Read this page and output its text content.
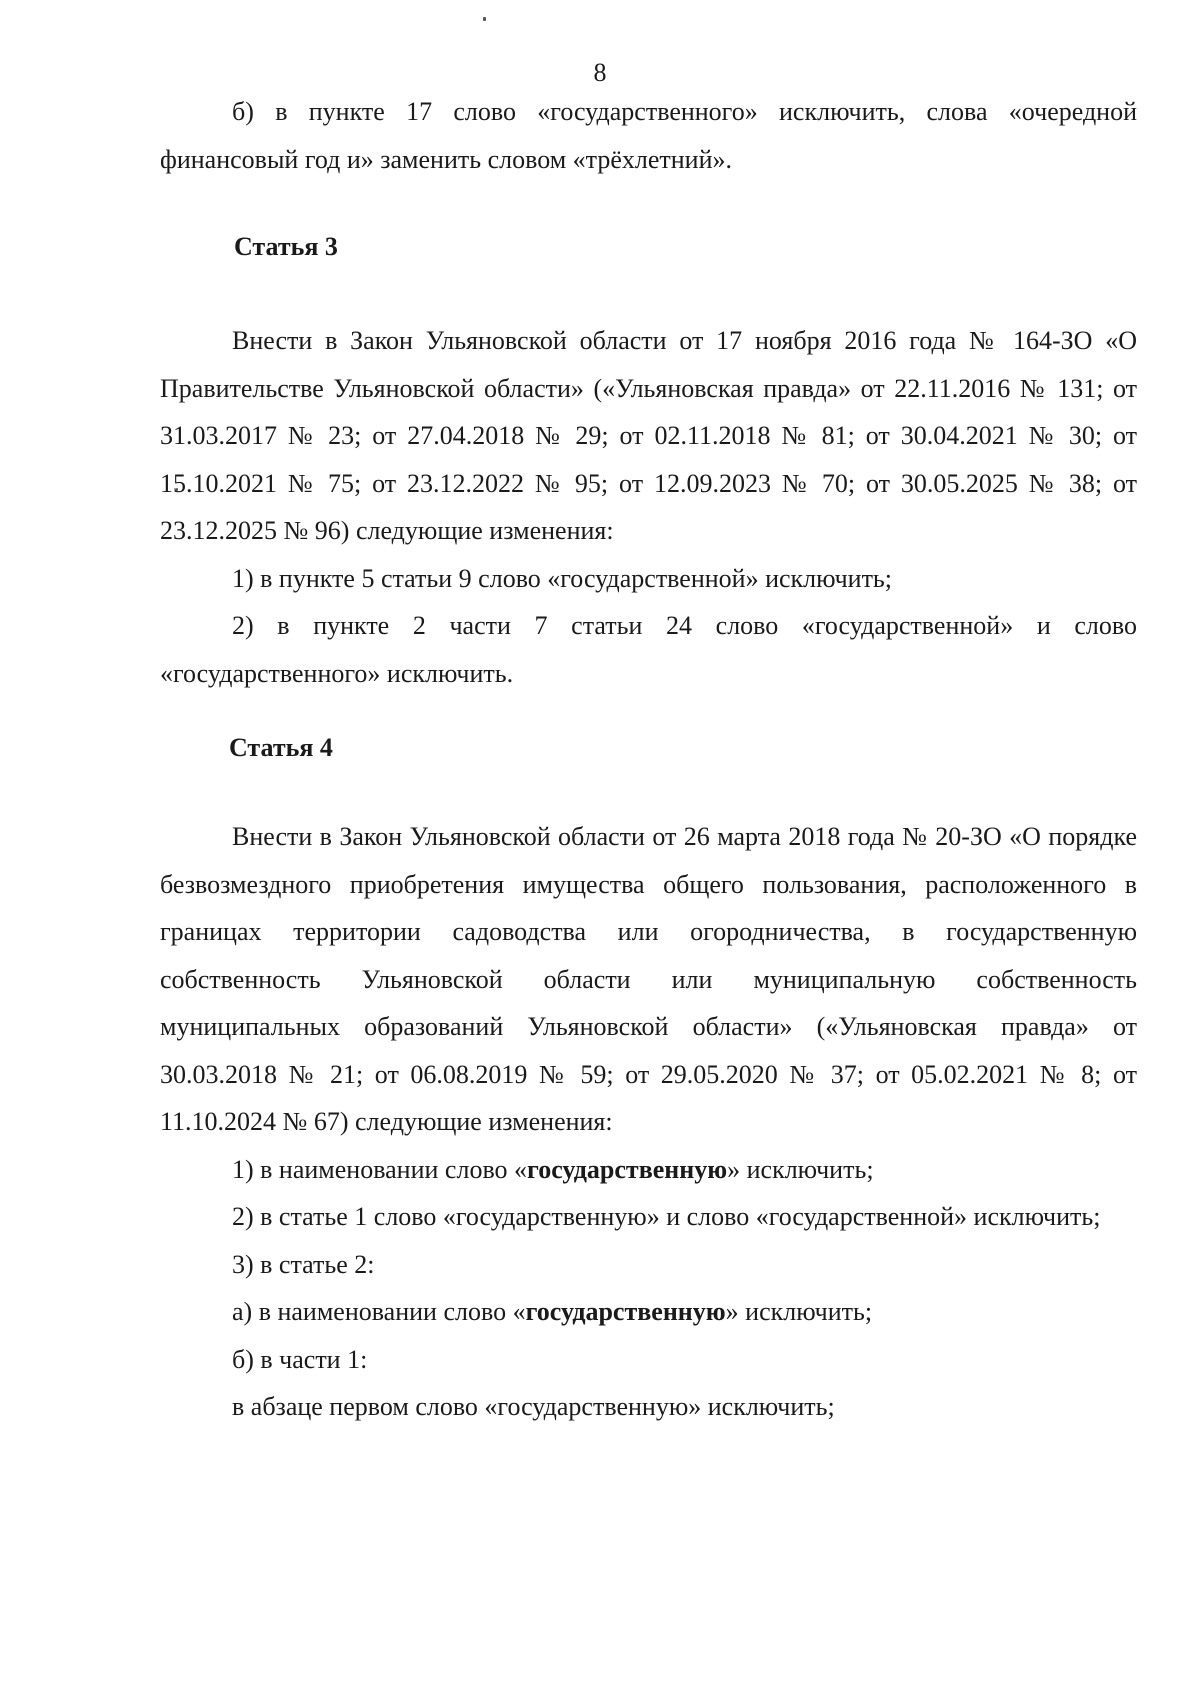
8

б) в пункте 17 слово «государственного» исключить, слова «очередной финансовый год и» заменить словом «трёхлетний».

Статья 3

Внести в Закон Ульяновской области от 17 ноября 2016 года № 164-ЗО «О Правительстве Ульяновской области» («Ульяновская правда» от 22.11.2016 № 131; от 31.03.2017 № 23; от 27.04.2018 № 29; от 02.11.2018 № 81; от 30.04.2021 № 30; от 15.10.2021 № 75; от 23.12.2022 № 95; от 12.09.2023 № 70; от 30.05.2025 № 38; от 23.12.2025 № 96) следующие изменения:

1) в пункте 5 статьи 9 слово «государственной» исключить;

2) в пункте 2 части 7 статьи 24 слово «государственной» и слово «государственного» исключить.

Статья 4

Внести в Закон Ульяновской области от 26 марта 2018 года № 20-ЗО «О порядке безвозмездного приобретения имущества общего пользования, расположенного в границах территории садоводства или огородничества, в государственную собственность Ульяновской области или муниципальную собственность муниципальных образований Ульяновской области» («Ульяновская правда» от 30.03.2018 № 21; от 06.08.2019 № 59; от 29.05.2020 № 37; от 05.02.2021 № 8; от 11.10.2024 № 67) следующие изменения:

1) в наименовании слово «государственную» исключить;

2) в статье 1 слово «государственную» и слово «государственной» исключить;

3) в статье 2:

а) в наименовании слово «государственную» исключить;

б) в части 1:

в абзаце первом слово «государственную» исключить;
